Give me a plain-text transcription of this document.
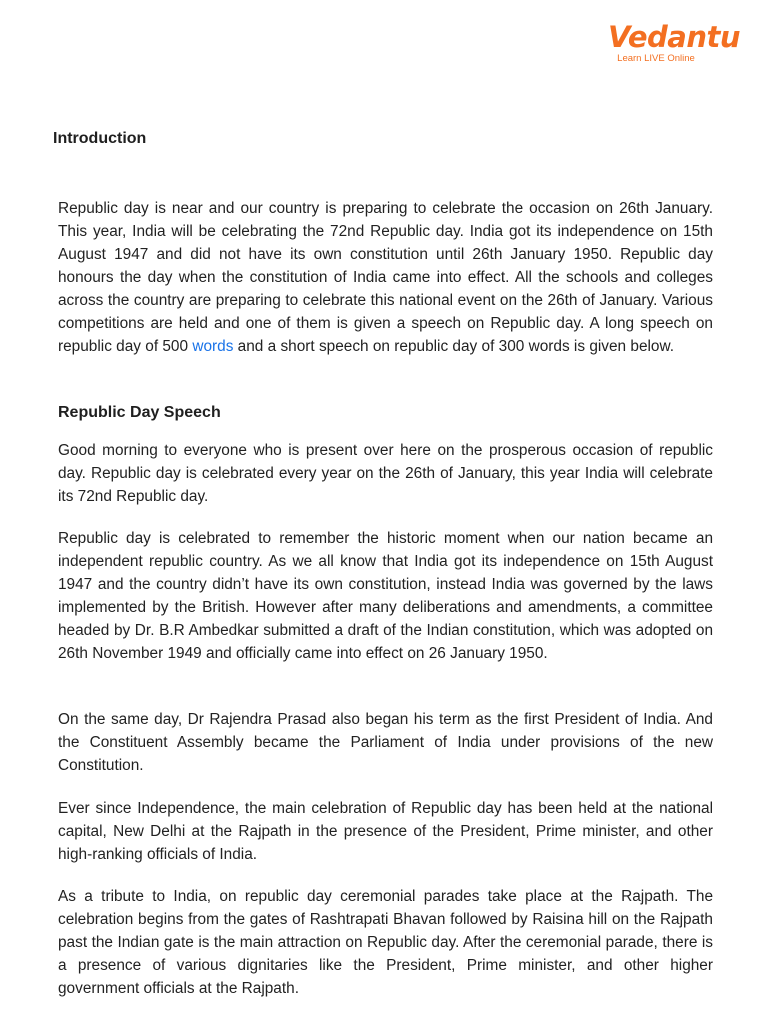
Vedantu
Learn LIVE Online
Introduction

Republic day is near and our country is preparing to celebrate the occasion on 26th January. This year, India will be celebrating the 72nd Republic day. India got its independence on 15th August 1947 and did not have its own constitution until 26th January 1950. Republic day honours the day when the constitution of India came into effect. All the schools and colleges across the country are preparing to celebrate this national event on the 26th of January. Various competitions are held and one of them is given a speech on Republic day. A long speech on republic day of 500 words and a short speech on republic day of 300 words is given below.

Republic Day Speech

Good morning to everyone who is present over here on the prosperous occasion of republic day. Republic day is celebrated every year on the 26th of January, this year India will celebrate its 72nd Republic day.

Republic day is celebrated to remember the historic moment when our nation became an independent republic country. As we all know that India got its independence on 15th August 1947 and the country didn’t have its own constitution, instead India was governed by the laws implemented by the British. However after many deliberations and amendments, a committee headed by Dr. B.R Ambedkar submitted a draft of the Indian constitution, which was adopted on 26th November 1949 and officially came into effect on 26 January 1950.

On the same day, Dr Rajendra Prasad also began his term as the first President of India. And the Constituent Assembly became the Parliament of India under provisions of the new Constitution.

Ever since Independence, the main celebration of Republic day has been held at the national capital, New Delhi at the Rajpath in the presence of the President, Prime minister, and other high-ranking officials of India.

As a tribute to India, on republic day ceremonial parades take place at the Rajpath. The celebration begins from the gates of Rashtrapati Bhavan followed by Raisina hill on the Rajpath past the Indian gate is the main attraction on Republic day. After the ceremonial parade, there is a presence of various dignitaries like the President, Prime minister, and other higher government officials at the Rajpath.
